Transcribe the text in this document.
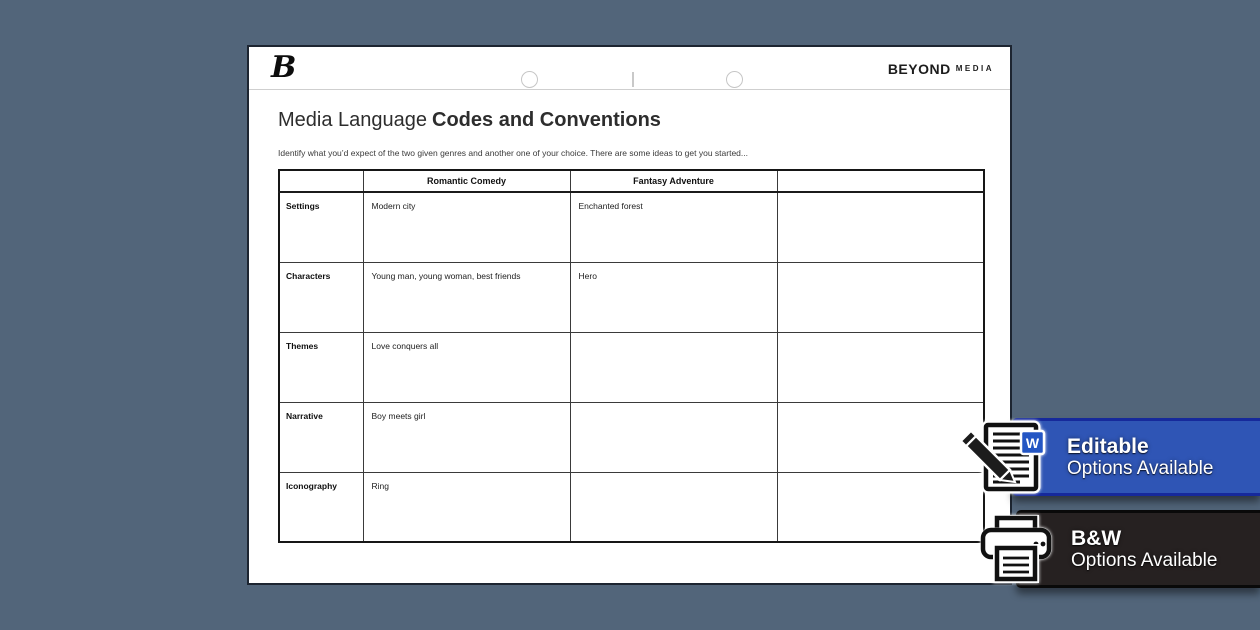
B	BEYOND MEDIA
Media Language Codes and Conventions
Identify what you’d expect of the two given genres and another one of your choice. There are some ideas to get you started...
	Romantic Comedy	Fantasy Adventure	
Settings	Modern city	Enchanted forest	
Characters	Young man, young woman, best friends	Hero	
Themes	Love conquers all		
Narrative	Boy meets girl		
Iconography	Ring		
Editable
Options Available
W
B&W
Options Available
